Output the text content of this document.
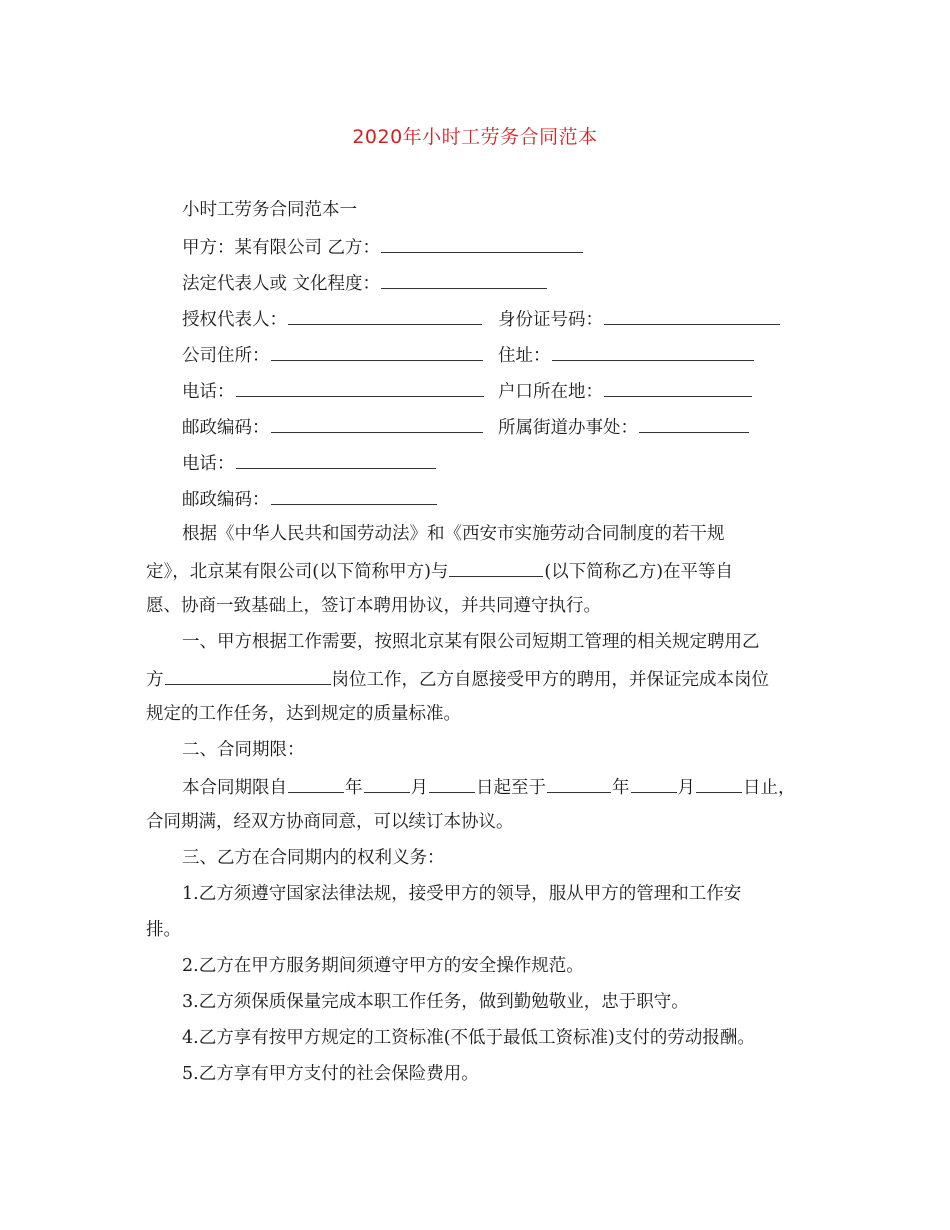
2020年小时工劳务合同范本
小时工劳务合同范本一
甲方：某有限公司 乙方：
法定代表人或 文化程度：
授权代表人：	身份证号码：
公司住所：	住址：
电话：	户口所在地：
邮政编码：	所属街道办事处：
电话：
邮政编码：
根据《中华人民共和国劳动法》和《西安市实施劳动合同制度的若干规
定》，北京某有限公司(以下简称甲方)与	(以下简称乙方)在平等自
愿、协商一致基础上，签订本聘用协议，并共同遵守执行。
一、甲方根据工作需要，按照北京某有限公司短期工管理的相关规定聘用乙
方	岗位工作，乙方自愿接受甲方的聘用，并保证完成本岗位
规定的工作任务，达到规定的质量标准。
二、合同期限：
本合同期限自	年	月	日起至于	年	月	日止，
合同期满，经双方协商同意，可以续订本协议。
三、乙方在合同期内的权利义务：
1.乙方须遵守国家法律法规，接受甲方的领导，服从甲方的管理和工作安
排。
2.乙方在甲方服务期间须遵守甲方的安全操作规范。
3.乙方须保质保量完成本职工作任务，做到勤勉敬业，忠于职守。
4.乙方享有按甲方规定的工资标准(不低于最低工资标准)支付的劳动报酬。
5.乙方享有甲方支付的社会保险费用。
